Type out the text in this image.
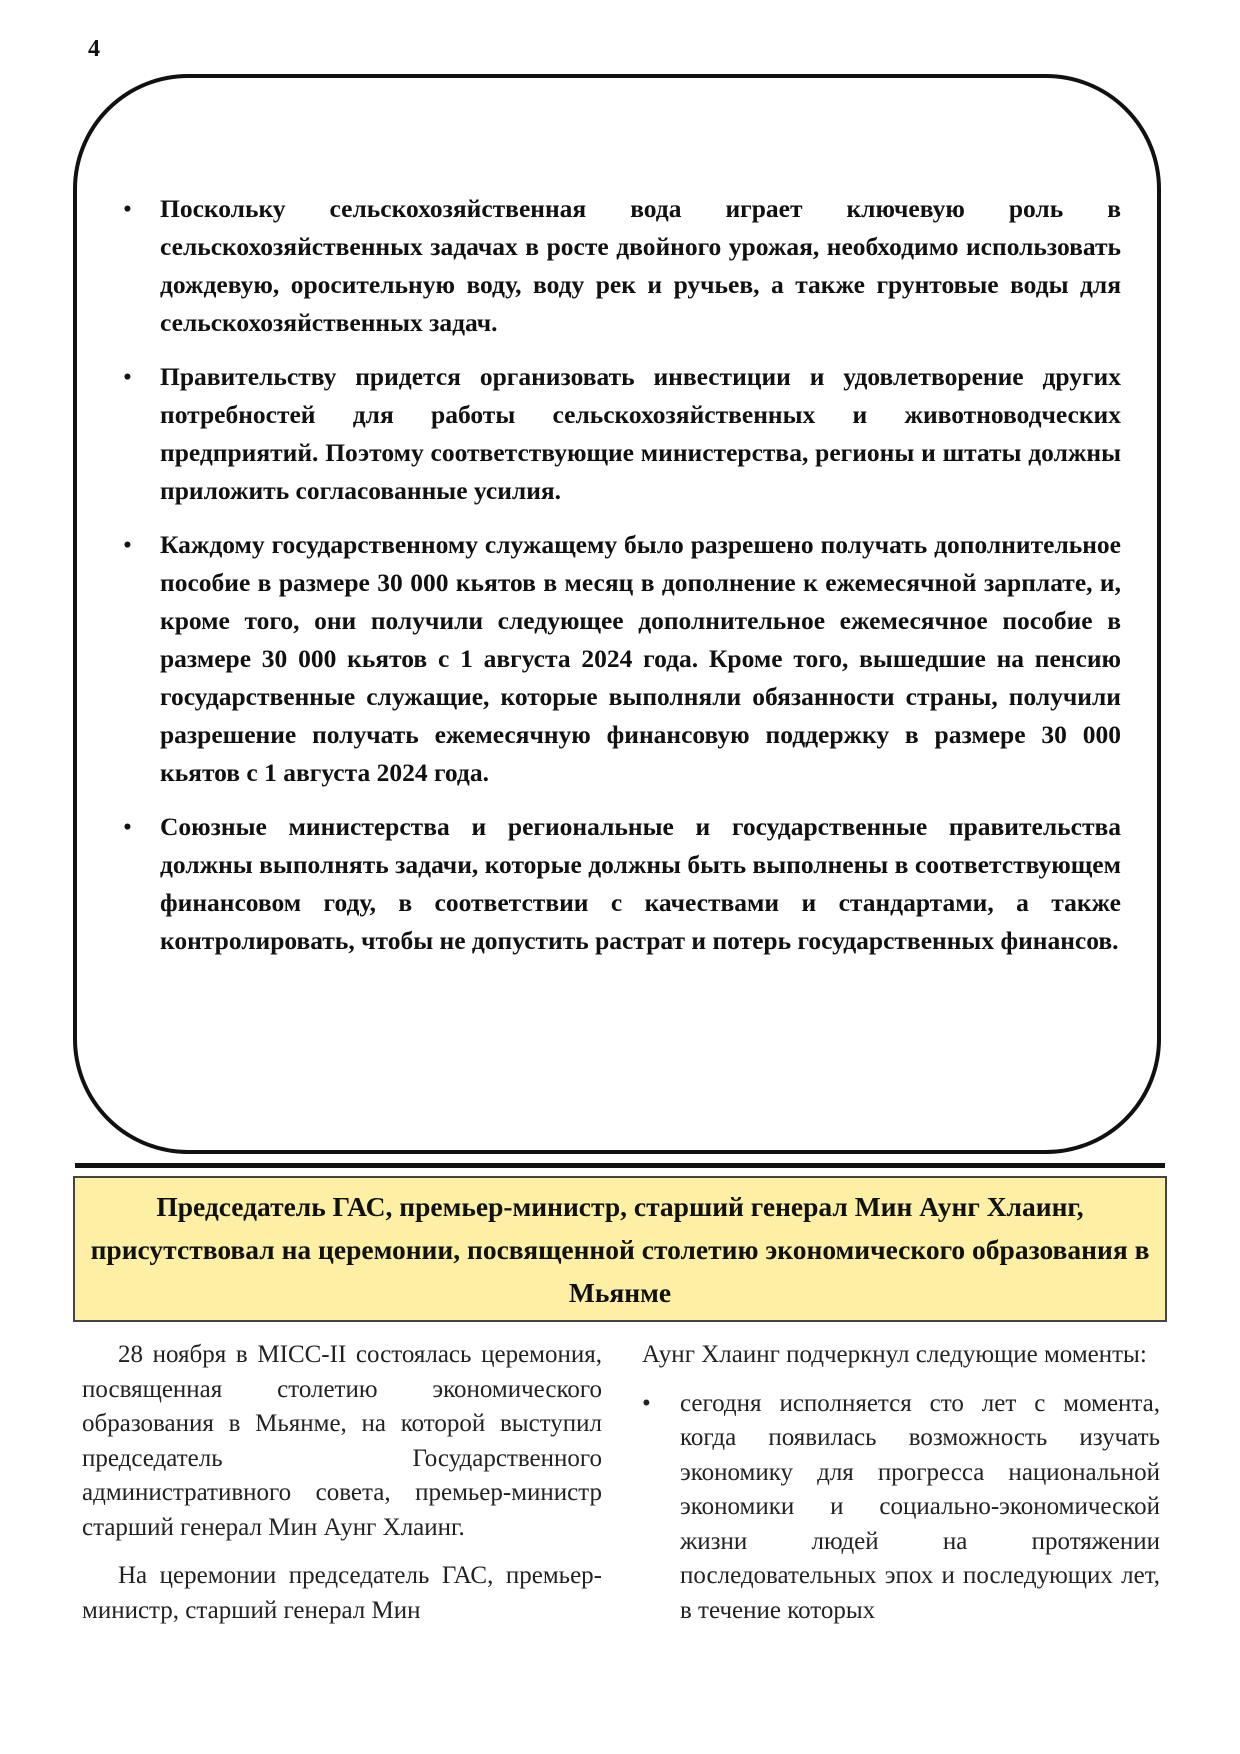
4
• Поскольку сельскохозяйственная вода играет ключевую роль в сельскохозяйственных задачах в росте двойного урожая, необходимо использовать дождевую, оросительную воду, воду рек и ручьев, а также грунтовые воды для сельскохозяйственных задач.
• Правительству придется организовать инвестиции и удовлетворение других потребностей для работы сельскохозяйственных и животноводческих предприятий. Поэтому соответствующие министерства, регионы и штаты должны приложить согласованные усилия.
• Каждому государственному служащему было разрешено получать дополнительное пособие в размере 30 000 кьятов в месяц в дополнение к ежемесячной зарплате, и, кроме того, они получили следующее дополнительное ежемесячное пособие в размере 30 000 кьятов с 1 августа 2024 года. Кроме того, вышедшие на пенсию государственные служащие, которые выполняли обязанности страны, получили разрешение получать ежемесячную финансовую поддержку в размере 30 000 кьятов с 1 августа 2024 года.
• Союзные министерства и региональные и государственные правительства должны выполнять задачи, которые должны быть выполнены в соответствующем финансовом году, в соответствии с качествами и стандартами, а также контролировать, чтобы не допустить растрат и потерь государственных финансов.
Председатель ГАС, премьер-министр, старший генерал Мин Аунг Хлаинг, присутствовал на церемонии, посвященной столетию экономического образования в Мьянме

28 ноября в MICC-II состоялась церемония, посвященная столетию экономического образования в Мьянме, на которой выступил председатель Государственного административного совета, премьер-министр старший генерал Мин Аунг Хлаинг.

На церемонии председатель ГАС, премьер-министр, старший генерал Мин

Аунг Хлаинг подчеркнул следующие моменты:

• сегодня исполняется сто лет с момента, когда появилась возможность изучать экономику для прогресса национальной экономики и социально-экономической жизни людей на протяжении последовательных эпох и последующих лет, в течение которых
